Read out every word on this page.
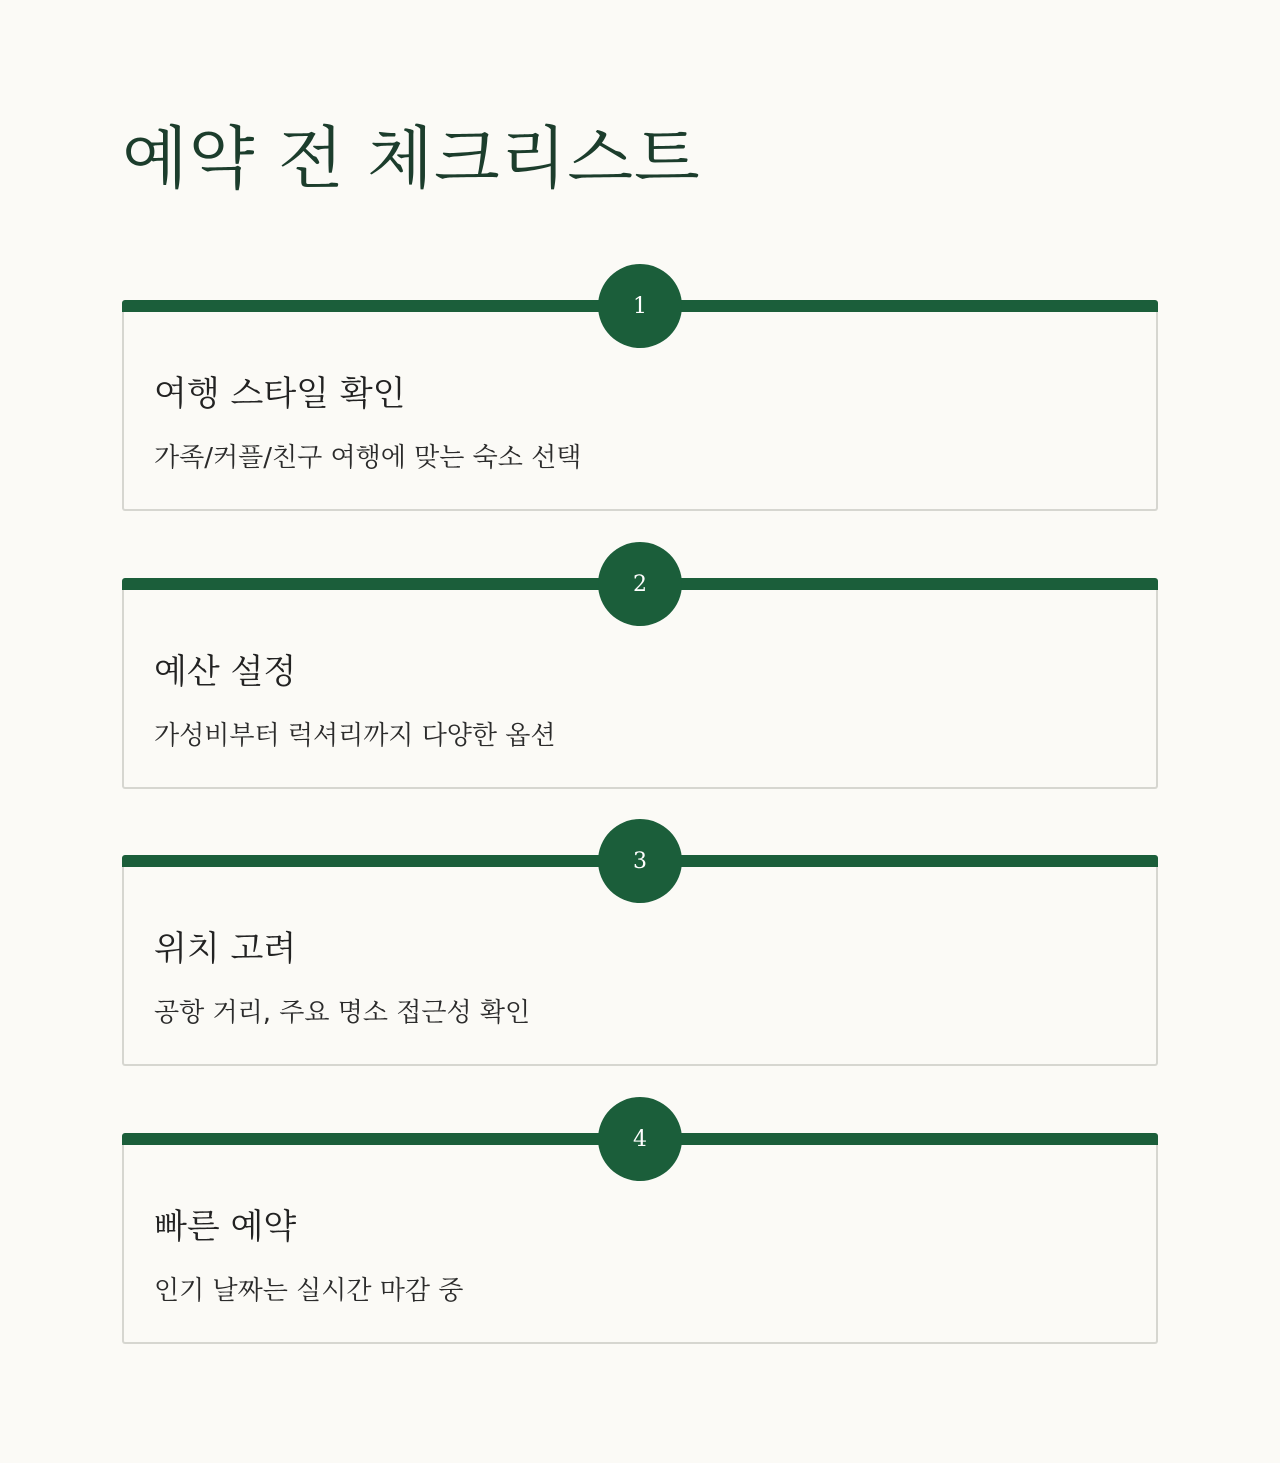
예약 전 체크리스트
1
여행 스타일 확인

가족/커플/친구 여행에 맞는 숙소 선택

2
예산 설정

가성비부터 럭셔리까지 다양한 옵션

3
위치 고려

공항 거리, 주요 명소 접근성 확인

4
빠른 예약

인기 날짜는 실시간 마감 중
